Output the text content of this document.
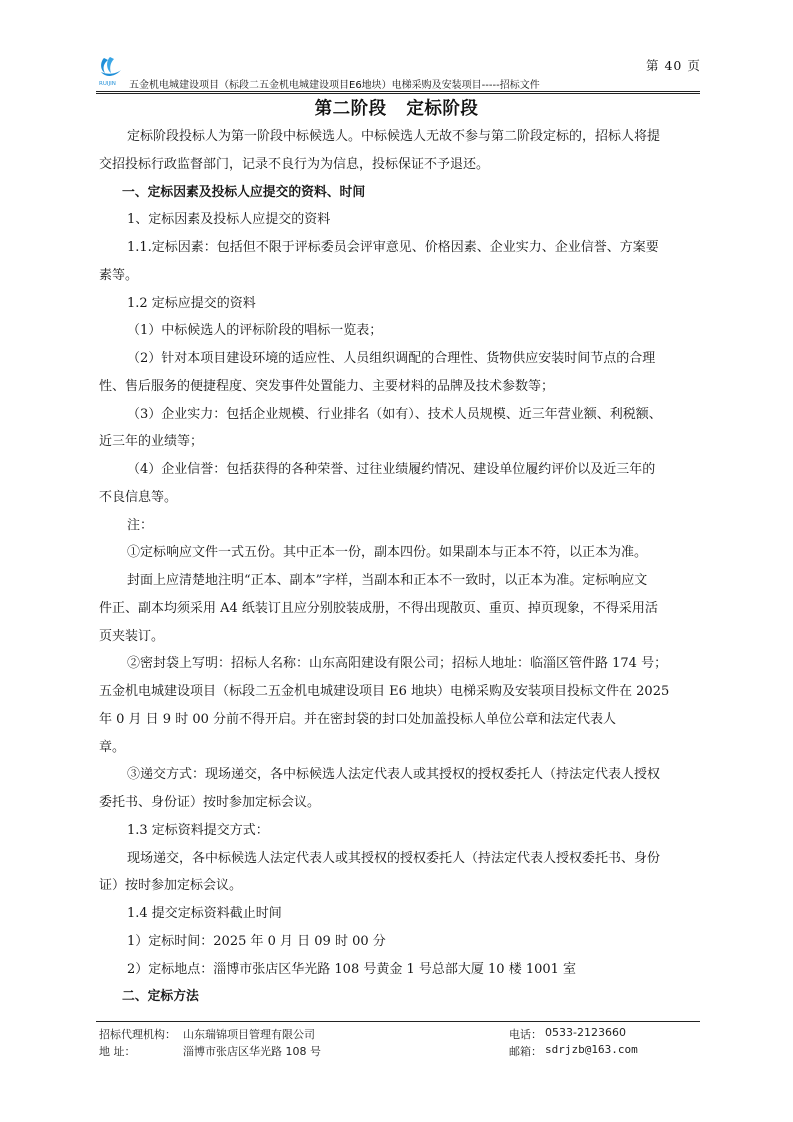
RUIJIN
第 40 页
五金机电城建设项目（标段二五金机电城建设项目E6地块）电梯采购及安装项目-----招标文件
第二阶段   定标阶段
定标阶段投标人为第一阶段中标候选人。中标候选人无故不参与第二阶段定标的，招标人将提
交招投标行政监督部门，记录不良行为为信息，投标保证不予退还。
一、定标因素及投标人应提交的资料、时间
1、定标因素及投标人应提交的资料
1.1.定标因素：包括但不限于评标委员会评审意见、价格因素、企业实力、企业信誉、方案要
素等。
1.2 定标应提交的资料
（1）中标候选人的评标阶段的唱标一览表；
（2）针对本项目建设环境的适应性、人员组织调配的合理性、货物供应安装时间节点的合理
性、售后服务的便捷程度、突发事件处置能力、主要材料的品牌及技术参数等；
（3）企业实力：包括企业规模、行业排名（如有）、技术人员规模、近三年营业额、利税额、
近三年的业绩等；
（4）企业信誉：包括获得的各种荣誉、过往业绩履约情况、建设单位履约评价以及近三年的
不良信息等。
注：
①定标响应文件一式五份。其中正本一份，副本四份。如果副本与正本不符，以正本为准。
封面上应清楚地注明“正本、副本”字样，当副本和正本不一致时，以正本为准。定标响应文
件正、副本均须采用 A4 纸装订且应分别胶装成册，不得出现散页、重页、掉页现象，不得采用活
页夹装订。
②密封袋上写明：招标人名称：山东高阳建设有限公司；招标人地址：临淄区管件路 174 号；
五金机电城建设项目（标段二五金机电城建设项目 E6 地块）电梯采购及安装项目投标文件在 2025
年 0 月 日 9 时 00 分前不得开启。并在密封袋的封口处加盖投标人单位公章和法定代表人
章。
③递交方式：现场递交，各中标候选人法定代表人或其授权的授权委托人（持法定代表人授权
委托书、身份证）按时参加定标会议。
1.3 定标资料提交方式：
现场递交，各中标候选人法定代表人或其授权的授权委托人（持法定代表人授权委托书、身份
证）按时参加定标会议。
1.4 提交定标资料截止时间
1）定标时间：2025 年 0 月 日 09 时 00 分
2）定标地点：淄博市张店区华光路 108 号黄金 1 号总部大厦 10 楼 1001 室
二、定标方法
招标代理机构： 山东瑞锦项目管理有限公司
地 址：	淄博市张店区华光路 108 号
电话： 0533-2123660
邮箱： sdrjzb@163.com
